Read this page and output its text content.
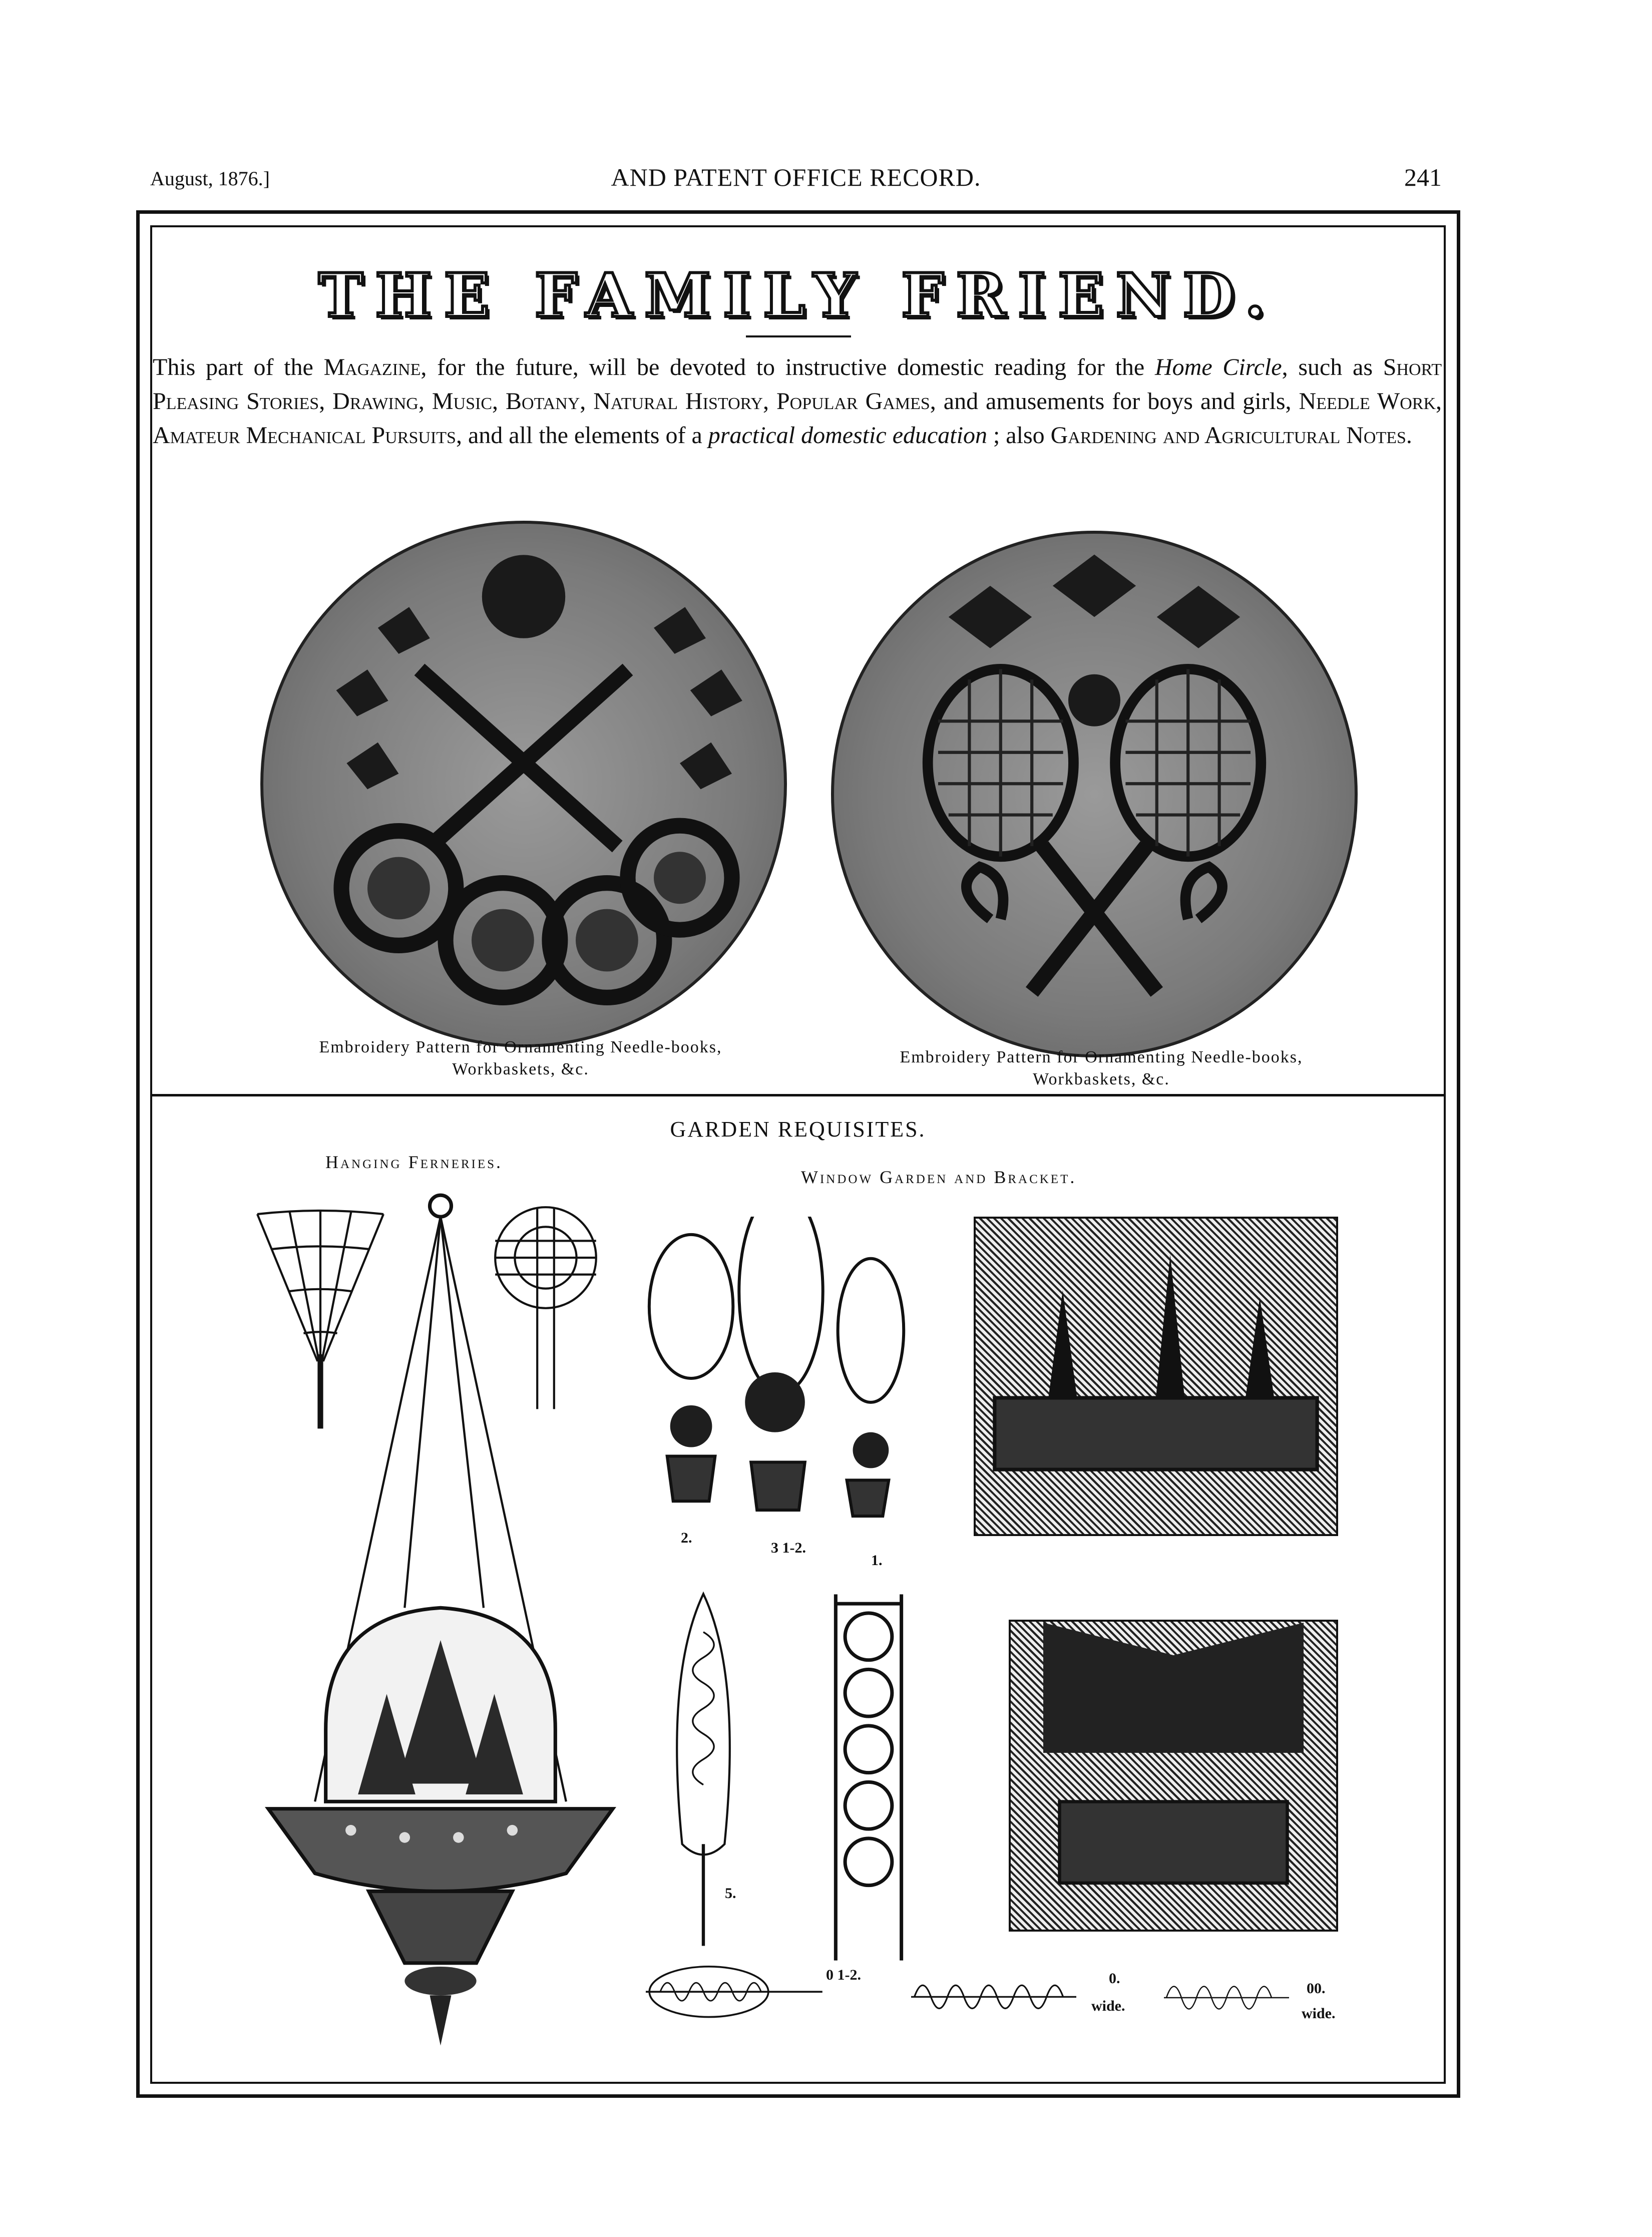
August, 1876.]	AND PATENT OFFICE RECORD.	241
THE FAMILY FRIEND.
This part of the Magazine, for the future, will be devoted to instructive domestic reading for the Home Circle, such as Short Pleasing Stories, Drawing, Music, Botany, Natural History, Popular Games, and amusements for boys and girls, Needle Work, Amateur Mechanical Pursuits, and all the elements of a practical domestic education ; also Gardening and Agricultural Notes.
Embroidery Pattern for Ornamenting Needle-books, Workbaskets, &c.
Embroidery Pattern for Ornamenting Needle-books, Workbaskets, &c.
GARDEN REQUISITES.
Hanging Ferneries.
Window Garden and Bracket.
2.
3 1-2.
1.
5.
0 1-2.	0.
wide.
00.
wide.
